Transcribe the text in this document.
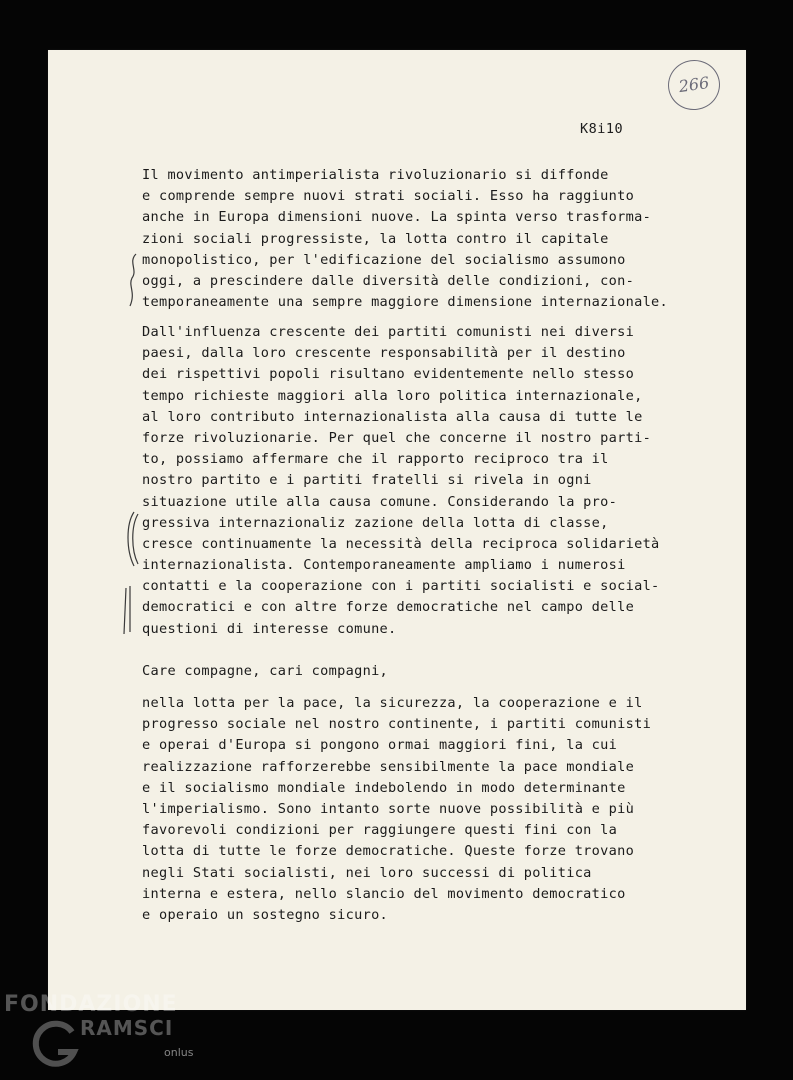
266
K8i10
Il movimento antimperialista rivoluzionario si diffonde
e comprende sempre nuovi strati sociali. Esso ha raggiunto
anche in Europa dimensioni nuove. La spinta verso trasforma-
zioni sociali progressiste, la lotta contro il capitale
monopolistico, per l'edificazione del socialismo assumono
oggi, a prescindere dalle diversità delle condizioni, con-
temporaneamente una sempre maggiore dimensione internazionale.
Dall'influenza crescente dei partiti comunisti nei diversi
paesi, dalla loro crescente responsabilità per il destino
dei rispettivi popoli risultano evidentemente nello stesso
tempo richieste maggiori alla loro politica internazionale,
al loro contributo internazionalista alla causa di tutte le
forze rivoluzionarie. Per quel che concerne il nostro parti-
to, possiamo affermare che il rapporto reciproco tra il
nostro partito e i partiti fratelli si rivela in ogni
situazione utile alla causa comune. Considerando la pro-
gressiva internazionaliz zazione della lotta di classe,
cresce continuamente la necessità della reciproca solidarietà
internazionalista. Contemporaneamente ampliamo i numerosi
contatti e la cooperazione con i partiti socialisti e social-
democratici e con altre forze democratiche nel campo delle
questioni di interesse comune.
Care compagne, cari compagni,
nella lotta per la pace, la sicurezza, la cooperazione e il
progresso sociale nel nostro continente, i partiti comunisti
e operai d'Europa si pongono ormai maggiori fini, la cui
realizzazione rafforzerebbe sensibilmente la pace mondiale
e il socialismo mondiale indebolendo in modo determinante
l'imperialismo. Sono intanto sorte nuove possibilità e più
favorevoli condizioni per raggiungere questi fini con la
lotta di tutte le forze democratiche. Queste forze trovano
negli Stati socialisti, nei loro successi di politica
interna e estera, nello slancio del movimento democratico
e operaio un sostegno sicuro.
FONDAZIONE
RAMSCI
onlus
